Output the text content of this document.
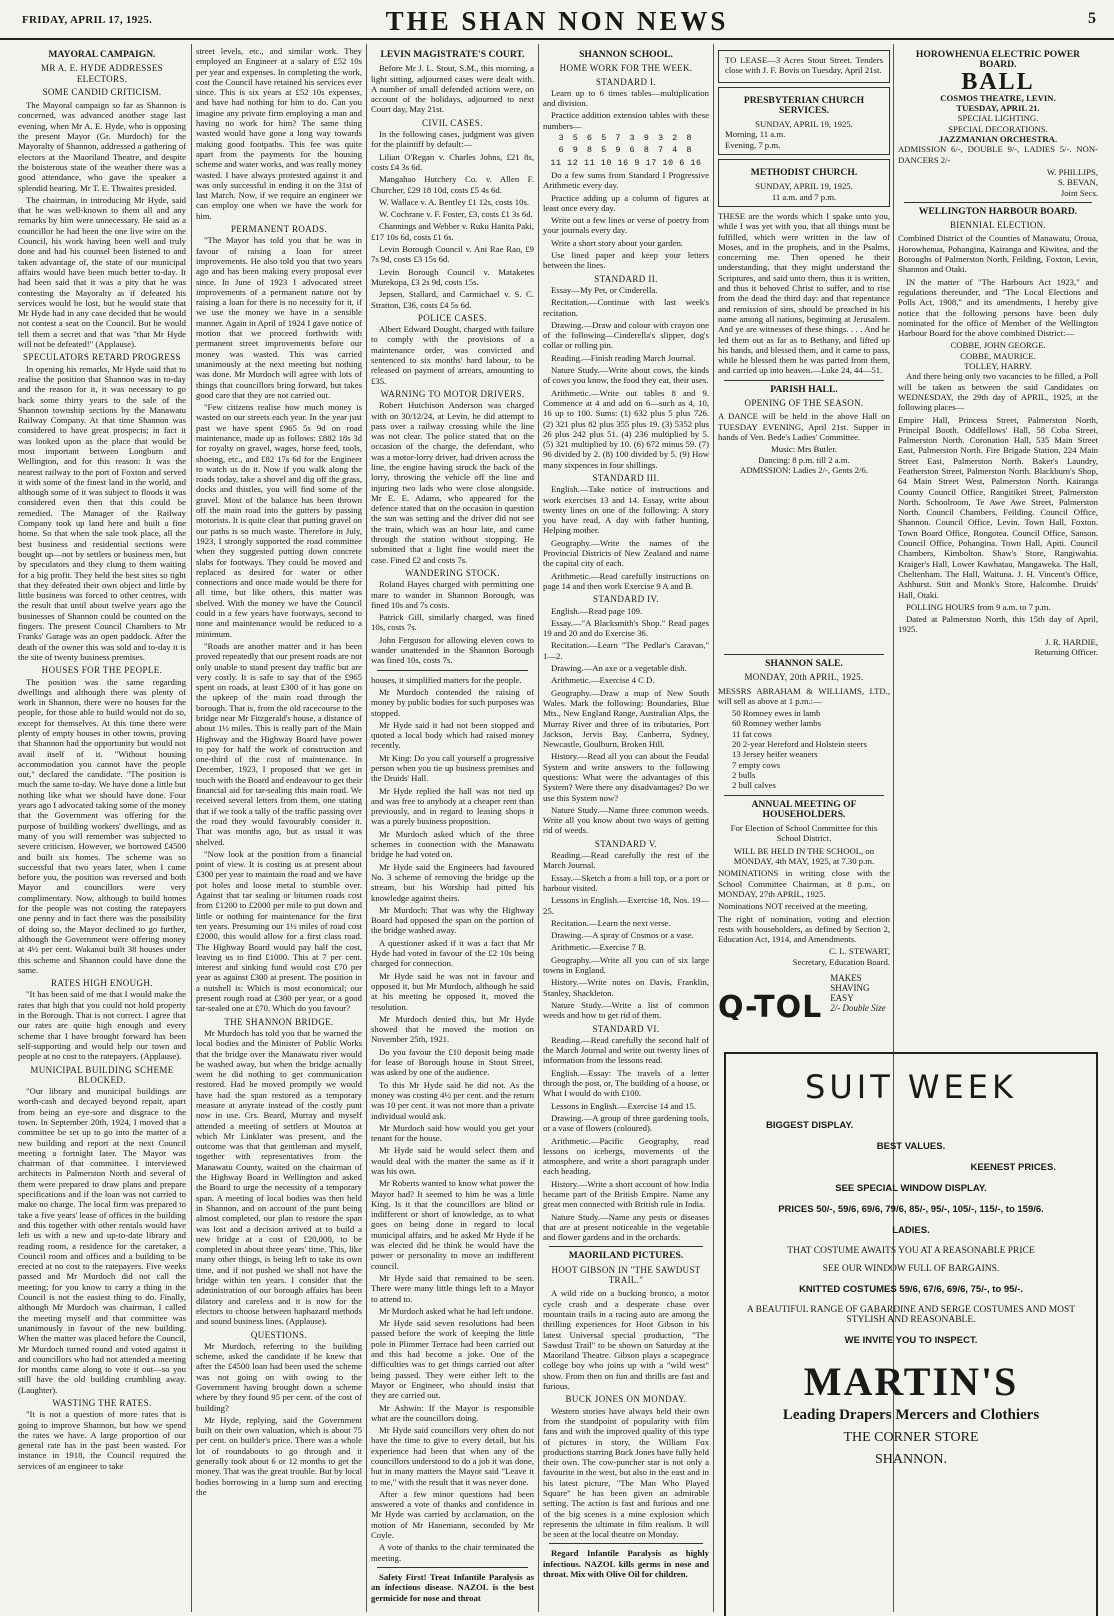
FRIDAY, APRIL 17, 1925.	THE SHAN NON NEWS	5
MAYORAL CAMPAIGN.
MR A. E. HYDE ADDRESSES ELECTORS.
SOME CANDID CRITICISM.

The Mayoral campaign so far as Shannon is concerned, was advanced another stage last evening, when Mr A. E. Hyde, who is opposing the present Mayor (Gr. Murdoch) for the Mayoralty of Shannon, addressed a gathering of electors at the Maoriland Theatre, and despite the boisterous state of the weather there was a good attendance, who gave the speaker a splendid hearing. Mr T. E. Thwaites presided.

The chairman, in introducing Mr Hyde, said that he was well-known to them all and any remarks by him were unnecessary. He said as a councillor he had been the one live wire on the Council, his work having been well and truly done and had his counsel been listened to and taken advantage of, the state of our municipal affairs would have been much better to-day. It had been said that it was a pity that he was contesting the Mayoralty as if defeated his services would be lost, but he would state that Mr Hyde had in any case decided that he would not contest a seat on the Council. But he would tell them a secret and that was "that Mr Hyde will not be defeated!" (Applause).

SPECULATORS RETARD PROGRESS

In opening his remarks, Mr Hyde said that to realise the position that Shannon was in to-day and the reason for it, it was necessary to go back some thirty years to the sale of the Shannon township sections by the Manawatu Railway Company. At that time Shannon was considered to have great prospects; in fact it was looked upon as the place that would be most important between Longburn and Wellington, and for this reason: It was the nearest railway to the port of Foxton and served it with some of the finest land in the world, and although some of it was subject to floods it was considered even then that this could be remedied. The Manager of the Railway Company took up land here and built a fine home. So that when the sale took place, all the best business and residential sections were bought up—not by settlers or business men, but by speculators and they clung to them waiting for a big profit. They held the best sites so tight that they defeated their own object and little by little business was forced to other centres, with the result that until about twelve years ago the businesses of Shannon could be counted on the fingers. The present Council Chambers to Mr Franks' Garage was an open paddock. After the death of the owner this was sold and to-day it is the site of twenty business premises.

HOUSES FOR THE PEOPLE.

The position was the same regarding dwellings and although there was plenty of work in Shannon, there were no houses for the people, for those able to build would not do so, except for themselves. At this time there were plenty of empty houses in other towns, proving that Shannon had the opportunity but would not avail itself of it. "Without housing accommodation you cannot have the people out," declared the candidate. "The position is much the same to-day. We have done a little but nothing like what we should have done. Four years ago I advocated taking some of the money that the Government was offering for the purpose of building workers' dwellings, and as many of you will remember was subjected to severe criticism. However, we borrowed £4500 and built six homes. The scheme was so successful that two years later, when I came before you, the position was reversed and both Mayor and councillors were very complimentary. Now, although to build homes for the people was not costing the ratepayers one penny and in fact there was the possibility of doing so, the Mayor declined to go further, although the Government were offering money at 4½ per cent. Wakanui built 38 houses under this scheme and Shannon could have done the same.

RATES HIGH ENOUGH.

"It has been said of me that I would make the rates that high that you could not hold property in the Borough. That is not correct. I agree that our rates are quite high enough and every scheme that I have brought forward has been self-supporting and would help our town and people at no cost to the ratepayers. (Applause).

MUNICIPAL BUILDING SCHEME BLOCKED.

"Our library and municipal buildings are worth-cash and decayed beyond repair, apart from being an eye-sore and disgrace to the town. In September 20th, 1924, I moved that a committee be set up to go into the matter of a new building and report at the next Council meeting a fortnight later. The Mayor was chairman of that committee. I interviewed architects in Palmerston North and several of them were prepared to draw plans and prepare specifications and if the loan was not carried to make no charge. The local firm was prepared to take a five years' lease of offices in the building and this together with other rentals would have left us with a new and up-to-date library and reading room, a residence for the caretaker, a Council room and offices and a building to be erected at no cost to the ratepayers. Five weeks passed and Mr Murdoch did not call the meeting; for you know to carry a thing in the Council is not the easiest thing to do. Finally, although Mr Murdoch was chairman, I called the meeting myself and that committee was unanimously in favour of the new building. When the matter was placed before the Council, Mr Murdoch turned round and voted against it and councillors who had not attended a meeting for months came along to vote it out—so you still have the old building crumbling away. (Laughter).

WASTING THE RATES.

"It is not a question of more rates that is going to improve Shannon, but how we spend the rates we have. A large proportion of our general rate has in the past been wasted. For instance in 1918, the Council required the services of an engineer to take

street levels, etc., and similar work. They employed an Engineer at a salary of £52 10s per year and expenses. In completing the work, cost the Council have retained his services ever since. This is six years at £52 10s expenses, and have had nothing for him to do. Can you imagine any private firm employing a man and having no work for him? The same thing wasted would have gone a long way towards making good footpaths. This fee was quite apart from the payments for the housing scheme and water works, and was really money wasted. I have always protested against it and was only successful in ending it on the 31st of last March. Now, if we require an engineer we can employ one when we have the work for him.

PERMANENT ROADS.

"The Mayor has told you that he was in favour of raising a loan for street improvements. He also told you that two years ago and has been making every proposal ever since. In June of 1923 I advocated street improvements of a permanent nature not by raising a loan for there is no necessity for it, if we use the money we have in a sensible manner. Again in April of 1924 I gave notice of motion that we proceed forthwith with permanent street improvements before our money was wasted. This was carried unanimously at the next meeting but nothing was done. Mr Murdoch will agree with lots of things that councillors bring forward, but takes good care that they are not carried out.

"Few citizens realise how much money is wasted on our streets each year. In the year just past we have spent £965 5s 9d on road maintenance, made up as follows: £882 18s 3d for royalty on gravel, wages, horse feed, tools, shoeing, etc., and £82 17s 6d for the Engineer to watch us do it. Now if you walk along the roads today, take a shovel and dig off the grass, docks and thistles, you will find some of the gravel. Most of the balance has been thrown off the main road into the gutters by passing motorists. It is quite clear that putting gravel on our paths is so much waste. Therefore in July, 1923, I strongly supported the road committee when they suggested putting down concrete slabs for footways. They could be moved and replaced as desired for water or other connections and once made would be there for all time, but like others, this matter was shelved. With the money we have the Council could in a few years have footways, second to none and maintenance would be reduced to a minimum.

"Roads are another matter and it has been proved repeatedly that our present roads are not only unable to stand present day traffic but are very costly. It is safe to say that of the £965 spent on roads, at least £300 of it has gone on the upkeep of the main road through the borough. That is, from the old racecourse to the bridge near Mr Fitzgerald's house, a distance of about 1½ miles. This is really part of the Main Highway and the Highway Board have power to pay for half the work of construction and one-third of the cost of maintenance. In December, 1923, I proposed that we get in touch with the Board and endeavour to get their financial aid for tar-sealing this main road. We received several letters from them, one stating that if we took a tally of the traffic passing over the road they would favourably consider it. That was months ago, but as usual it was shelved.

"Now look at the position from a financial point of view. It is costing us at present about £300 per year to maintain the road and we have pot holes and loose metal to stumble over. Against that tar sealing or bitumen roads cost from £1200 to £2000 per mile to put down and little or nothing for maintenance for the first ten years. Presuming our 1½ miles of road cost £2000, this would allow for a first class road. The Highway Board would pay half the cost, leaving us to find £1000. This at 7 per cent. interest and sinking fund would cost £70 per year as against £300 at present. The position in a nutshell is: Which is most economical; our present rough road at £300 per year, or a good tar-sealed one at £70. Which do you favour?

THE SHANNON BRIDGE.

Mr Murdoch has told you that he warned the local bodies and the Minister of Public Works that the bridge over the Manawatu river would be washed away, but when the bridge actually went he did nothing to get communication restored. Had he moved promptly we would have had the span restored as a temporary measure at anyrate instead of the costly punt now in use. Crs. Beard, Murray and myself attended a meeting of settlers at Moutoa at which Mr Linklater was present, and the outcome was that that gentleman and myself, together with representatives from the Manawatu County, waited on the chairman of the Highway Board in Wellington and asked the Board to urge the necessity of a temporary span. A meeting of local bodies was then held in Shannon, and on account of the punt being almost completed, our plan to restore the span was lost and a decision arrived at to build a new bridge at a cost of £20,000, to be completed in about three years' time. This, like many other things, is being left to take its own time, and if not pushed we shall not have the bridge within ten years. I consider that the administration of our borough affairs has been dilatory and careless and it is now for the electors to choose between haphazard methods and sound business lines. (Applause).

QUESTIONS.

Mr Murdoch, referring to the building scheme, asked the candidate if he knew that after the £4500 loan had been used the scheme was not going on with owing to the Government having brought down a scheme where by they found 95 per cent. of the cost of building?

Mr Hyde, replying, said the Government built on their own valuation, which is about 75 per cent. on builder's price. There was a whole lot of roundabouts to go through and it generally took about 6 or 12 months to get the money. That was the great trouble. But by local bodies borrowing in a lump sum and erecting the

LEVIN MAGISTRATE'S COURT.

Before Mr J. L. Stout, S.M., this morning, a light sitting, adjourned cases were dealt with. A number of small defended actions were, on account of the holidays, adjourned to next Court day, May 21st.

CIVIL CASES.

In the following cases, judgment was given for the plaintiff by default:—

Lilian O'Regan v. Charles Johns, £21 8s, costs £4 3s 6d.

Mangahao Hutchery Co. v. Allen F. Churcher, £29 18 10d, costs £5 4s 6d.

W. Wallace v. A. Bentley £1 12s, costs 10s.

W. Cochrane v. F. Foster, £3, costs £1 3s 6d.

Channings and Webber v. Ruku Hanita Paki, £17 10s 6d, costs £1 6s.

Levin Borough Council v. Ani Rae Rao, £9 7s 9d, costs £3 15s 6d.

Levin Borough Council v. Mataketes Murekopa, £3 2s 9d, costs 15s.

Jepsen, Stallard, and Carmichael v. S. C. Stratton, £36, costs £4 5s 6d.

POLICE CASES.

Albert Edward Dought, charged with failure to comply with the provisions of a maintenance order, was convicted and sentenced to six months' hard labour, to be released on payment of arrears, amounting to £35.

WARNING TO MOTOR DRIVERS.

Robert Hutchison Anderson was charged with on 30/12/24, at Levin, he did attempt to pass over a railway crossing while the line was not clear. The police stated that on the occasion of the charge, the defendant, who was a motor-lorry driver, had driven across the line, the engine having struck the back of the lorry, throwing the vehicle off the line and injuring two lads who were close alongside. Mr E. E. Adams, who appeared for the defence stated that on the occasion in question the sun was setting and the driver did not see the train, which was an hour late, and came through the station without stopping. He submitted that a light fine would meet the case. Fined £2 and costs 7s.

WANDERING STOCK.

Roland Hayes charged with permitting one mare to wander in Shannon Borough, was fined 10s and 7s costs.

Patrick Gill, similarly charged, was fined 10s, costs 7s.

John Ferguson for allowing eleven cows to wander unattended in the Shannon Borough was fined 10s, costs 7s.

houses, it simplified matters for the people.

Mr Murdoch contended the raising of money by public bodies for such purposes was stopped.

Mr Hyde said it had not been stopped and quoted a local body which had raised money recently.

Mr King: Do you call yourself a progressive person when you tie up business premises and the Druids' Hall.

Mr Hyde replied the hall was not tied up and was free to anybody at a cheaper rent than previously, and in regard to leasing shops it was a purely business proposition.

Mr Murdoch asked which of the three schemes in connection with the Manawatu bridge he had voted on.

Mr Hyde said the Engineers had favoured No. 3 scheme of removing the bridge up the stream, but his Worship had pitted his knowledge against theirs.

Mr Murdoch: That was why the Highway Board had opposed the span on the portion of the bridge washed away.

A questioner asked if it was a fact that Mr Hyde had voted in favour of the £2 10s being charged for connection.

Mr Hyde said he was not in favour and opposed it, but Mr Murdoch, although he said at his meeting he opposed it, moved the resolution.

Mr Murdoch denied this, but Mr Hyde showed that he moved the motion on November 25th, 1921.

Do you favour the £10 deposit being made for lease of Borough house in Stout Street, was asked by one of the audience.

To this Mr Hyde said he did not. As the money was costing 4½ per cent. and the return was 10 per cent. it was not more than a private individual would ask.

Mr Murdoch said how would you get your tenant for the house.

Mr Hyde said he would select them and would deal with the matter the same as if it was his own.

Mr Roberts wanted to know what power the Mayor had? It seemed to him he was a little King. Is it that the councillors are blind or indifferent or short of knowledge, as to what goes on being done in regard to local municipal affairs, and he asked Mr Hyde if he was elected did he think he would have the power or personality to move an indifferent council.

Mr Hyde said that remained to be seen. There were many little things left to a Mayor to attend to.

Mr Murdoch asked what he had left undone.

Mr Hyde said seven resolutions had been passed before the work of keeping the little pole in Plimmer Terrace had been carried out and this had become a joke. One of the difficulties was to get things carried out after being passed. They were either left to the Mayor or Engineer, who should insist that they are carried out.

Mr Ashwin: If the Mayor is responsible what are the councillors doing.

Mr Hyde said councillors very often do not have the time to give to every detail, but his experience had been that when any of the councillors understood to do a job it was done, but in many matters the Mayor said "Leave it to me," with the result that it was never done.

After a few minor questions had been answered a vote of thanks and confidence in Mr Hyde was carried by acclamation, on the motion of Mr Hanemann, seconded by Mr Coyle.

A vote of thanks to the chair terminated the meeting.

Safety First! Treat Infantile Paralysis as an infectious disease. NAZOL is the best germicide for nose and throat

SHANNON SCHOOL.
HOME WORK FOR THE WEEK.
STANDARD I.

Learn up to 6 times tables—multiplication and division.

Practice addition extension tables with these numbers—

3 5 6 5 7 3 9 3 2 8
6 9 8 5 9 6 8 7 4 8
11 12 11 10 16 9 17 10 6 16

Do a few sums from Standard I Progressive Arithmetic every day.

Practice adding up a column of figures at least once every day.

Write out a few lines or verse of poetry from your journals every day.

Write a short story about your garden.

Use lined paper and keep your letters between the lines.

STANDARD II.

Essay—My Pet, or Cinderella.

Recitation.—Continue with last week's recitation.

Drawing.—Draw and colour with crayon one of the following—Cinderella's slipper, dog's collar or rolling pin.

Reading.—Finish reading March Journal.

Nature Study.—Write about cows, the kinds of cows you know, the food they eat, their uses.

Arithmetic.—Write out tables 8 and 9. Commence at 4 and add on 6—such as 4, 10, 16 up to 100. Sums: (1) 632 plus 5 plus 726. (2) 321 plus 82 plus 355 plus 19. (3) 5352 plus 26 plus 242 plus 51. (4) 236 multiplied by 5. (5) 321 multiplied by 10. (6) 672 minus 59. (7) 96 divided by 2. (8) 100 divided by 5. (9) How many sixpences in four shillings.

STANDARD III.

English.—Take notice of instructions and work exercises 13 and 14. Essay, write about twenty lines on one of the following: A story you have read, A day with father hunting, Helping mother.

Geography.—Write the names of the Provincial Districts of New Zealand and name the capital city of each.

Arithmetic.—Read carefully instructions on page 14 and then work Exercise 9 A and B.

STANDARD IV.

English.—Read page 109.

Essay.—"A Blacksmith's Shop." Read pages 19 and 20 and do Exercise 36.

Recitation.—Learn "The Pedlar's Caravan," 1—2.

Drawing.—An axe or a vegetable dish.

Arithmetic.—Exercise 4 C D.

Geography.—Draw a map of New South Wales. Mark the following: Boundaries, Blue Mts., New England Range, Australian Alps, the Murray River and three of its tributaries, Port Jackson, Jervis Bay, Canberra, Sydney, Newcastle, Goulburn, Broken Hill.

History.—Read all you can about the Feudal System and write answers to the following questions: What were the advantages of this System? Were there any disadvantages? Do we use this System now?

Nature Study.—Name three common weeds. Write all you know about two ways of getting rid of weeds.

STANDARD V.

Reading.—Read carefully the rest of the March Journal.

Essay.—Sketch a from a hill top, or a port or harbour visited.

Lessons in English.—Exercise 18, Nos. 19—25.

Recitation.—Learn the next verse.

Drawing.—A spray of Cosmos or a vase.

Arithmetic.—Exercise 7 B.

Geography.—Write all you can of six large towns in England.

History.—Write notes on Davis, Franklin, Stanley, Shackleton.

Nature Study.—Write a list of common weeds and how to get rid of them.

STANDARD VI.

Reading.—Read carefully the second half of the March Journal and write out twenty lines of information from the lessons read.

English.—Essay: The travels of a letter through the post, or, The building of a house, or What I would do with £100.

Lessons in English.—Exercise 14 and 15.

Drawing.—A group of three gardening tools, or a vase of flowers (coloured).

Arithmetic.—Pacific Geography, read lessons on icebergs, movements of the atmosphere, and write a short paragraph under each heading.

History.—Write a short account of how India became part of the British Empire. Name any great men connected with British rule in India.

Nature Study.—Name any pests or diseases that are at present noticeable in the vegetable and flower gardens and in the orchards.

MAORILAND PICTURES.
HOOT GIBSON IN "THE SAWDUST TRAIL."

A wild ride on a bucking bronco, a motor cycle crash and a desperate chase over mountain trails in a racing auto are among the thrilling experiences for Hoot Gibson in his latest Universal special production, "The Sawdust Trail" to be shown on Saturday at the Maoriland Theatre. Gibson plays a scapegrace college boy who joins up with a "wild west" show. From then on fun and thrills are fast and furious.

BUCK JONES ON MONDAY.

Western stories have always held their own from the standpoint of popularity with film fans and with the improved quality of this type of pictures in story, the William Fox productions starring Buck Jones have fully held their own. The cow-puncher star is not only a favourite in the west, but also in the east and in his latest picture, "The Man Who Played Square" he has been given an admirable setting. The action is fast and furious and one of the big scenes is a mine explosion which represents the ultimate in film realism. It will be seen at the local theatre on Monday.

Regard Infantile Paralysis as highly infectious. NAZOL kills germs in nose and throat. Mix with Olive Oil for children.

TO LEASE—3 Acres Stout Street. Tenders close with J. F. Bovis on Tuesday, April 21st.

PRESBYTERIAN CHURCH SERVICES.
SUNDAY, APRIL 19, 1925.
Morning, 11 a.m.
Evening, 7 p.m.
METHODIST CHURCH.
SUNDAY, APRIL 19, 1925.
11 a.m. and 7 p.m.

THESE are the words which I spake unto you, while I was yet with you, that all things must be fulfilled, which were written in the law of Moses, and in the prophets, and in the Psalms, concerning me. Then opened he their understanding, that they might understand the Scriptures, and said unto them, thus it is written, and thus it behoved Christ to suffer, and to rise from the dead the third day: and that repentance and remission of sins, should be preached in his name among all nations, beginning at Jerusalem. And ye are witnesses of these things. . . . And he led them out as far as to Bethany, and lifted up his hands, and blessed them, and it came to pass, while he blessed them he was parted from them, and carried up into heaven.—Luke 24, 44—51.

PARISH HALL.
OPENING OF THE SEASON.

A DANCE will be held in the above Hall on TUESDAY EVENING, April 21st. Supper in hands of Ven. Bede's Ladies' Committee.

Music: Mrs Butler.
Dancing: 8 p.m. till 2 a.m.
ADMISSION: Ladies 2/-, Gents 2/6.
SHANNON SALE.
MONDAY, 20th APRIL, 1925.

MESSRS ABRAHAM & WILLIAMS, LTD., will sell as above at 1 p.m.:—

50 Romney ewes in lamb
60 Romney wether lambs
11 fat cows
20 2-year Hereford and Holstein steers
13 Jersey heifer weaners
7 empty cows
2 bulls
2 bull calves
ANNUAL MEETING OF HOUSEHOLDERS.

For Election of School Committee for this School District.

WILL BE HELD IN THE SCHOOL, on MONDAY, 4th MAY, 1925, at 7.30 p.m.

NOMINATIONS in writing close with the School Committee Chairman, at 8 p.m., on MONDAY, 27th APRIL, 1925.

Nominations NOT received at the meeting.

The right of nomination, voting and election rests with householders, as defined by Section 2, Education Act, 1914, and Amendments.

C. L. STEWART,
Secretary, Education Board.
Q-TOL
MAKES
SHAVING
EASY
2/- Double Size
HOROWHENUA ELECTRIC POWER BOARD.
BALL
COSMOS THEATRE, LEVIN.
TUESDAY, APRIL 21.
SPECIAL LIGHTING.
SPECIAL DECORATIONS.
JAZZMANIAN ORCHESTRA.

ADMISSION 6/-, DOUBLE 9/-, LADIES 5/-. NON-DANCERS 2/-

W. PHILLIPS,
S. BEVAN,
Joint Secs.
WELLINGTON HARBOUR BOARD.
BIENNIAL ELECTION.

Combined District of the Counties of Manawatu, Oroua, Horowhenua, Pohangina, Kairanga and Kiwitea, and the Boroughs of Palmerston North, Feilding, Foxton, Levin, Shannon and Otaki.

IN the matter of "The Harbours Act 1923," and regulations thereunder, and "The Local Elections and Polls Act, 1908," and its amendments, I hereby give notice that the following persons have been duly nominated for the office of Member of the Wellington Harbour Board for the above combined District:—

COBBE, JOHN GEORGE.
COBBE, MAURICE.
TOLLEY, HARRY.

And there being only two vacancies to be filled, a Poll will be taken as between the said Candidates on WEDNESDAY, the 29th day of APRIL, 1925, at the following places—

Empire Hall, Princess Street, Palmerston North, Principal Booth. Oddfellows' Hall, 58 Coba Street, Palmerston North. Coronation Hall, 535 Main Street East, Palmerston North. Fire Brigade Station, 224 Main Street East, Palmerston North. Baker's Laundry, Featherston Street, Palmerston North. Blackburn's Shop, 64 Main Street West, Palmerston North. Kairanga County Council Office, Rangitikei Street, Palmerston North. Schoolroom, Te Awe Awe Street, Palmerston North. Council Chambers, Feilding. Council Office, Shannon. Council Office, Levin. Town Hall, Foxton. Town Board Office, Rongotea. Council Office, Sanson. Council Office, Pohangina. Town Hall, Apiti. Council Chambers, Kimbolton. Shaw's Store, Rangiwahia. Kraiger's Hall, Lower Kawhatau, Mangaweka. The Hall, Cheltenham. The Hall, Waituna. J. H. Vincent's Office, Ashhurst. Stitt and Monk's Store, Halcombe. Druids' Hall, Otaki.

POLLING HOURS from 9 a.m. to 7 p.m.

Dated at Palmerston North, this 15th day of April, 1925.

J. R. HARDIE,
Returning Officer.
SUIT WEEK
BIGGEST DISPLAY.
BEST VALUES.
KEENEST PRICES.
SEE SPECIAL WINDOW DISPLAY.
PRICES 50/-, 59/6, 69/6, 79/6, 85/-, 95/-, 105/-, 115/-, to 159/6.
LADIES.
THAT COSTUME AWAITS YOU AT A REASONABLE PRICE
SEE OUR WINDOW FULL OF BARGAINS.
KNITTED COSTUMES 59/6, 67/6, 69/6, 75/-, to 95/-.
A BEAUTIFUL RANGE OF GABARDINE AND SERGE COSTUMES AND MOST STYLISH AND REASONABLE.
WE INVITE YOU TO INSPECT.
MARTIN'S
Leading Drapers Mercers and Clothiers
THE CORNER STORE
SHANNON.
